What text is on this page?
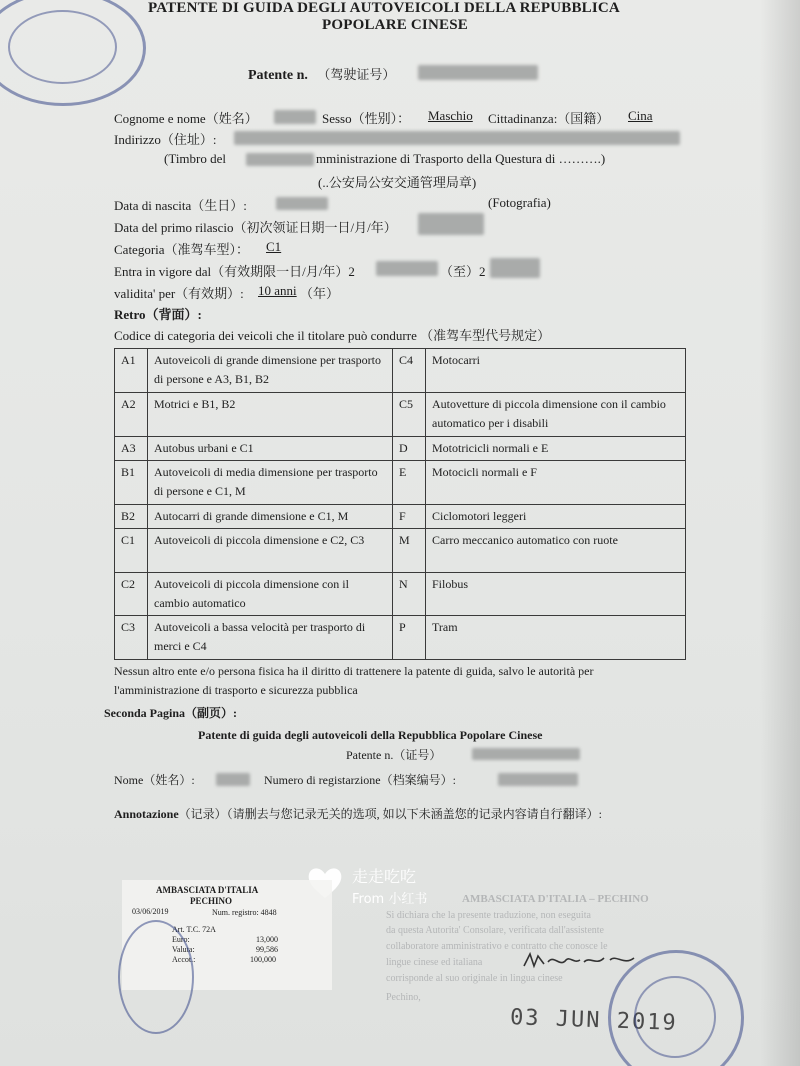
PATENTE DI GUIDA DEGLI AUTOVEICOLI DELLA REPUBBLICA
POPOLARE CINESE
Patente n. （驾驶证号）
Cognome e nome（姓名）	Sesso（性别）： Maschio Cittadinanza:（国籍） Cina
Indirizzo（住址）:
(Timbro del	mministrazione di Trasporto della Questura di ……….)
(..公安局公安交通管理局章)
Data di nascita（生日）:	(Fotografia)
Data del primo rilascio（初次领证日期一日/月/年）
Categoria（准驾车型）： C1
Entra in vigore dal（有效期限一日/月/年）2	（至）2
validita' per（有效期）: 10 anni （年）
Retro（背面）:
Codice di categoria dei veicoli che il titolare può condurre （准驾车型代号规定）
A1	Autoveicoli di grande dimensione per trasporto di persone e A3, B1, B2	C4	Motocarri
A2	Motrici e B1, B2	C5	Autovetture di piccola dimensione con il cambio automatico per i disabili
A3	Autobus urbani e C1	D	Mototricicli normali e E
B1	Autoveicoli di media dimensione per trasporto di persone e C1, M	E	Motocicli normali e F
B2	Autocarri di grande dimensione e C1, M	F	Ciclomotori leggeri
C1	Autoveicoli di piccola dimensione e C2, C3	M	Carro meccanico automatico con ruote
C2	Autoveicoli di piccola dimensione con il cambio automatico	N	Filobus
C3	Autoveicoli a bassa velocità per trasporto di merci e C4	P	Tram
Nessun altro ente e/o persona fisica ha il diritto di trattenere la patente di guida, salvo le autorità per
l'amministrazione di trasporto e sicurezza pubblica
Seconda Pagina（副页）:
Patente di guida degli autoveicoli della Repubblica Popolare Cinese
Patente n.（证号）
Nome（姓名）:	Numero di registarzione（档案编号）:
Annotazione（记录）（请删去与您记录无关的选项, 如以下未涵盖您的记录内容请自行翻译）:
走走吃吃
From 小红书
AMBASCIATA D'ITALIA
PECHINO
03/06/2019	Num. registro: 4848
Art. T.C. 72A
Euro:	13,000
Valuta:	99,586
Accot.:	100,000
AMBASCIATA D'ITALIA – PECHINO
Si dichiara che la presente traduzione, non eseguita
da questa Autorita' Consolare, verificata dall'assistente
collaboratore amministrativo e contratto che conosce le
lingue cinese ed italiana
corrisponde al suo originale in lingua cinese
Pechino,
03 JUN 2019
